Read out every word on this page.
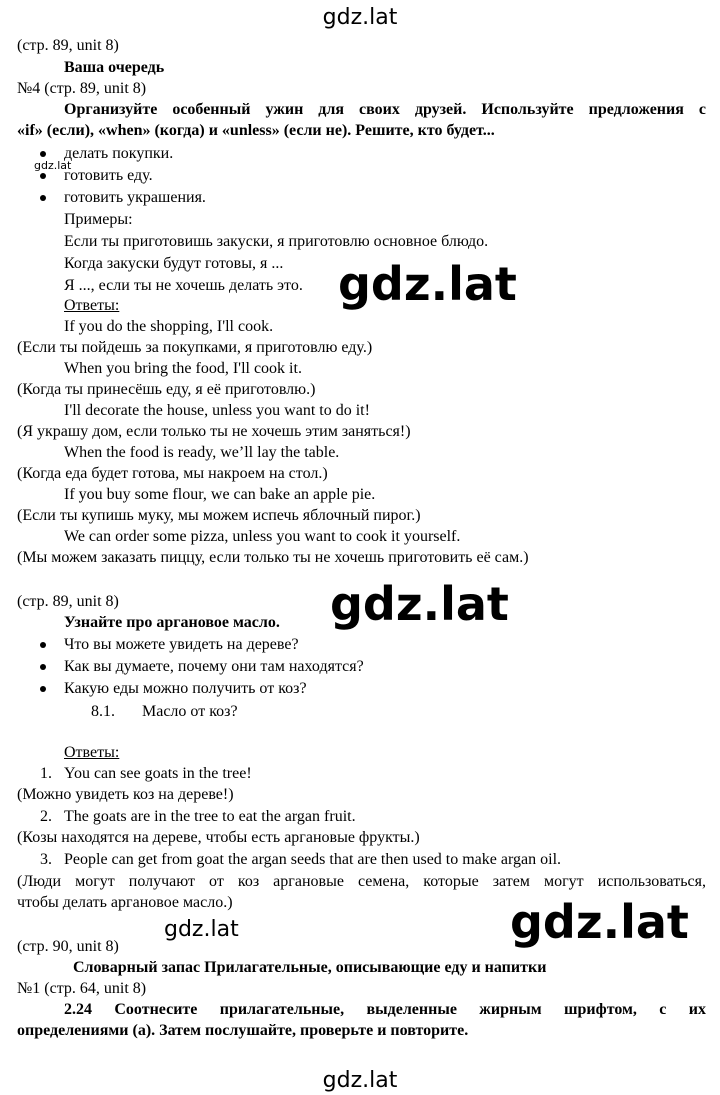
gdz.lat
gdz.lat
gdz.lat
gdz.lat
gdz.lat
gdz.lat
gdz.lat
(стр. 89, unit 8)
Ваша очередь
№4 (стр. 89, unit 8)
Организуйте особенный ужин для своих друзей. Используйте предложения с
«if» (если), «when» (когда) и «unless» (если не). Решите, кто будет...
делать покупки.
готовить еду.
готовить украшения.
Примеры:
Если ты приготовишь закуски, я приготовлю основное блюдо.
Когда закуски будут готовы, я ...
Я ..., если ты не хочешь делать это.
Ответы:
If you do the shopping, I'll cook.
(Если ты пойдешь за покупками, я приготовлю еду.)
When you bring the food, I'll cook it.
(Когда ты принесёшь еду, я её приготовлю.)
I'll decorate the house, unless you want to do it!
(Я украшу дом, если только ты не хочешь этим заняться!)
When the food is ready, we’ll lay the table.
(Когда еда будет готова, мы накроем на стол.)
If you buy some flour, we can bake an apple pie.
(Если ты купишь муку, мы можем испечь яблочный пирог.)
We can order some pizza, unless you want to cook it yourself.
(Мы можем заказать пиццу, если только ты не хочешь приготовить её сам.)
(стр. 89, unit 8)
Узнайте про аргановое масло.
Что вы можете увидеть на дереве?
Как вы думаете, почему они там находятся?
Какую еды можно получить от коз?
8.1. Масло от коз?
Ответы:
1. You can see goats in the tree!
(Можно увидеть коз на дереве!)
2. The goats are in the tree to eat the argan fruit.
(Козы находятся на дереве, чтобы есть аргановые фрукты.)
3. People can get from goat the argan seeds that are then used to make argan oil.
(Люди могут получают от коз аргановые семена, которые затем могут использоваться,
чтобы делать аргановое масло.)
(стр. 90, unit 8)
Словарный запас Прилагательные, описывающие еду и напитки
№1 (стр. 64, unit 8)
2.24 Соотнесите прилагательные, выделенные жирным шрифтом, с их
определениями (а). Затем послушайте, проверьте и повторите.
